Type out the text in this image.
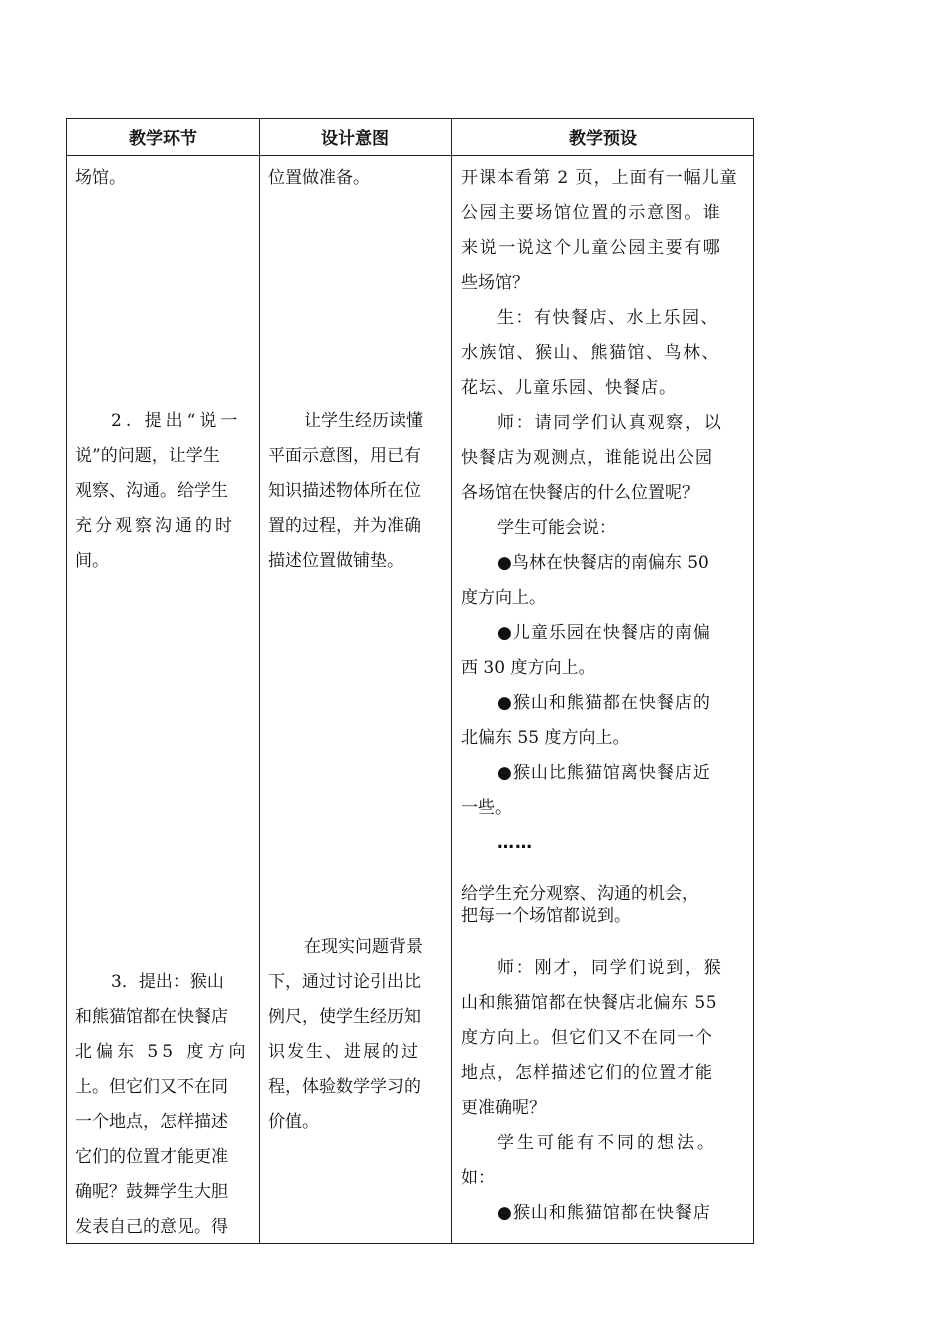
教学环节	设计意图	教学预设
场馆。
2. 提出“说一
说”的问题，让学生
观察、沟通。给学生
充分观察沟通的时
间。
3．提出：猴山
和熊猫馆都在快餐店
北偏东 55 度方向
上。但它们又不在同
一个地点，怎样描述
它们的位置才能更准
确呢？鼓舞学生大胆
发表自己的意见。得
位置做准备。
让学生经历读懂
平面示意图，用已有
知识描述物体所在位
置的过程，并为准确
描述位置做铺垫。
在现实问题背景
下，通过讨论引出比
例尺，使学生经历知
识发生、进展的过
程，体验数学学习的
价值。
开课本看第 2 页，上面有一幅儿童
公园主要场馆位置的示意图。谁
来说一说这个儿童公园主要有哪
些场馆？
生：有快餐店、水上乐园、
水族馆、猴山、熊猫馆、鸟林、
花坛、儿童乐园、快餐店。
师：请同学们认真观察，以
快餐店为观测点，谁能说出公园
各场馆在快餐店的什么位置呢？
学生可能会说：
●鸟林在快餐店的南偏东 50
度方向上。
●儿童乐园在快餐店的南偏
西 30 度方向上。
●猴山和熊猫都在快餐店的
北偏东 55 度方向上。
●猴山比熊猫馆离快餐店近
一些。
……
给学生充分观察、沟通的机会，
把每一个场馆都说到。
师：刚才，同学们说到，猴
山和熊猫馆都在快餐店北偏东 55
度方向上。但它们又不在同一个
地点，怎样描述它们的位置才能
更准确呢？
学生可能有不同的想法。
如：
●猴山和熊猫馆都在快餐店
